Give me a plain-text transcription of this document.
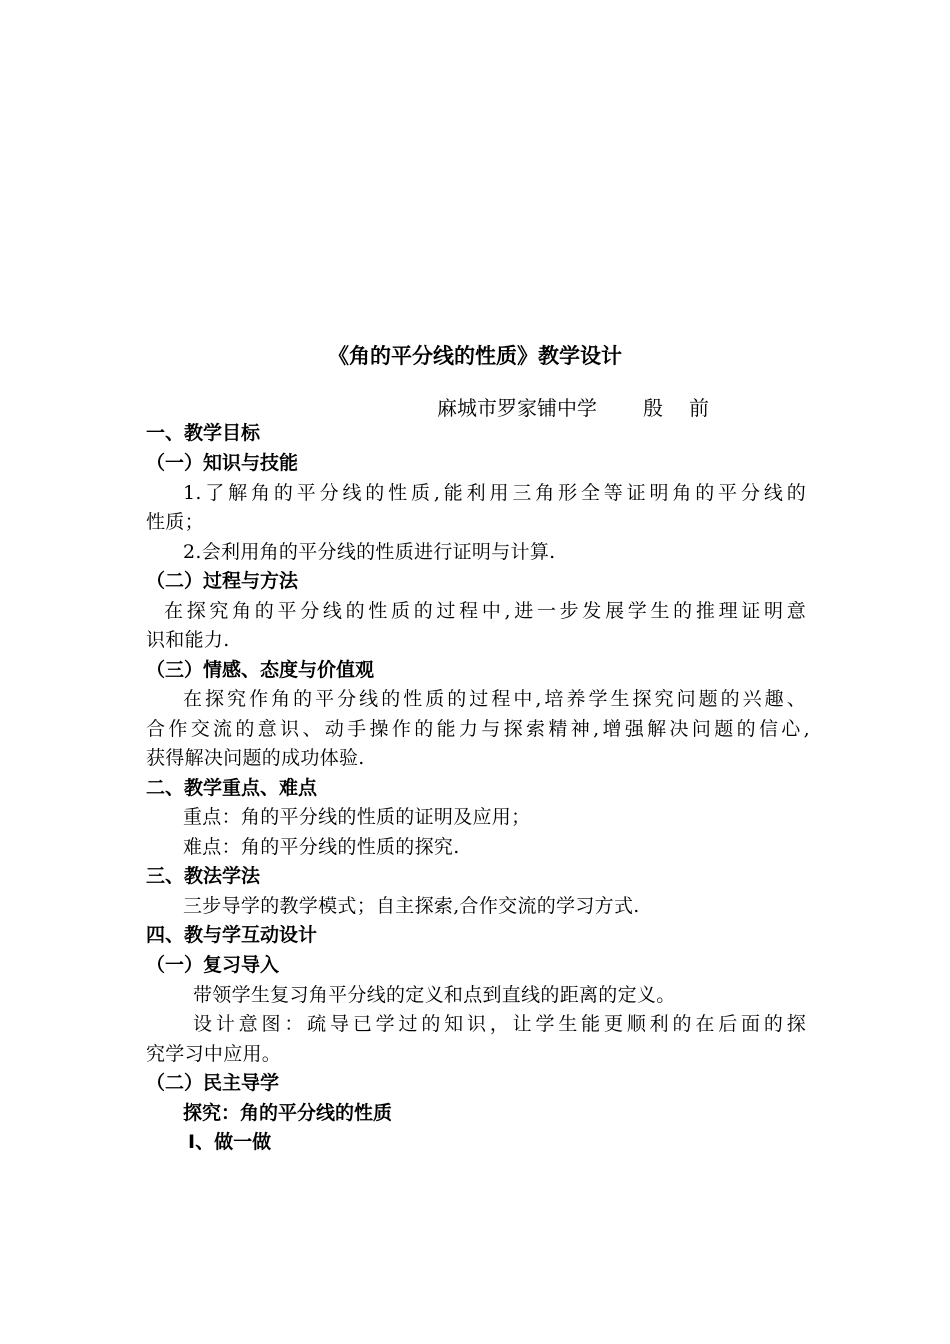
《角的平分线的性质》教学设计
麻城市罗家铺中学 殷前
一、教学目标
（一）知识与技能
1.了解角的平分线的性质,能利用三角形全等证明角的平分线的
性质；
2.会利用角的平分线的性质进行证明与计算.
（二）过程与方法
在探究角的平分线的性质的过程中,进一步发展学生的推理证明意
识和能力.
（三）情感、态度与价值观
在探究作角的平分线的性质的过程中,培养学生探究问题的兴趣、
合作交流的意识、动手操作的能力与探索精神,增强解决问题的信心,
获得解决问题的成功体验.
二、教学重点、难点
重点：角的平分线的性质的证明及应用；
难点：角的平分线的性质的探究.
三、教法学法
三步导学的教学模式；自主探索,合作交流的学习方式.
四、教与学互动设计
（一）复习导入
带领学生复习角平分线的定义和点到直线的距离的定义。
设计意图：疏导已学过的知识，让学生能更顺利的在后面的探
究学习中应用。
（二）民主导学
探究：角的平分线的性质
Ⅰ、做一做
